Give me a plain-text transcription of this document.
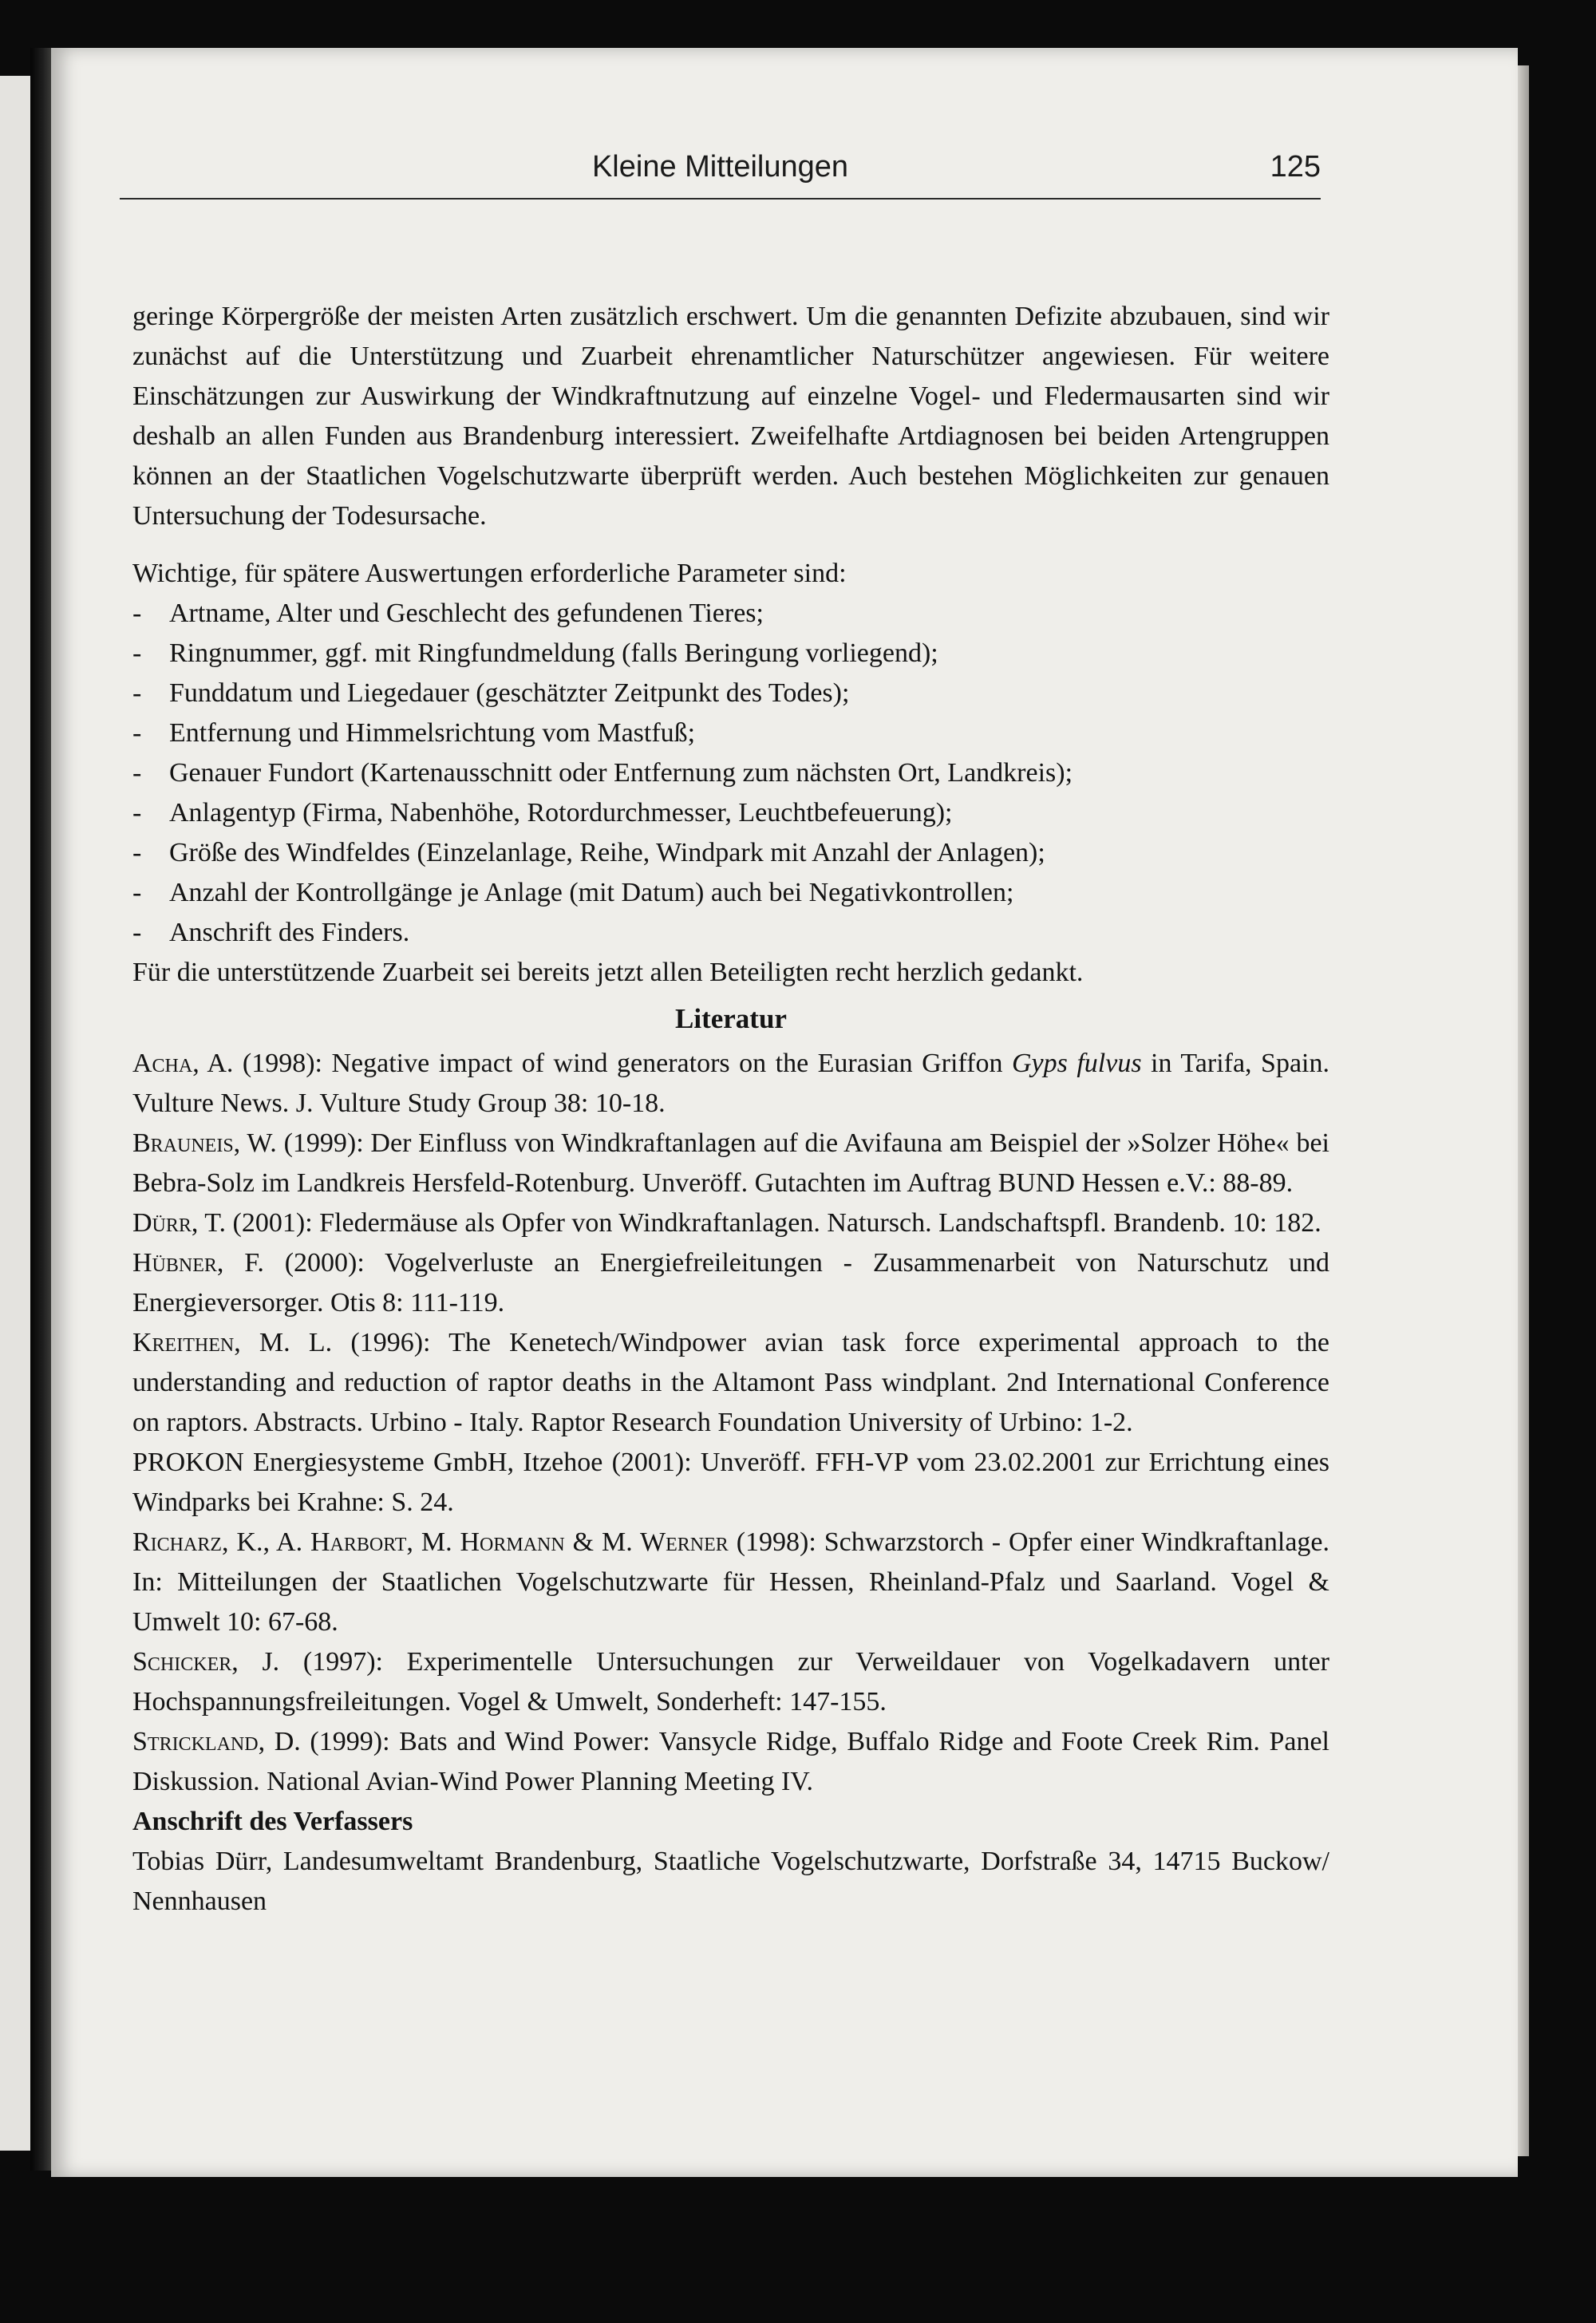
Kleine Mitteilungen	125

geringe Körpergröße der meisten Arten zusätzlich erschwert. Um die genannten Defizite abzubauen, sind wir zunächst auf die Unterstützung und Zuarbeit ehrenamtlicher Naturschützer angewiesen. Für weitere Einschätzungen zur Auswirkung der Windkraftnutzung auf einzelne Vogel- und Fledermausarten sind wir deshalb an allen Funden aus Brandenburg interessiert. Zweifelhafte Artdiagnosen bei beiden Artengruppen können an der Staatlichen Vogelschutzwarte überprüft werden. Auch bestehen Möglichkeiten zur genauen Untersuchung der Todesursache.

Wichtige, für spätere Auswertungen erforderliche Parameter sind:

- Artname, Alter und Geschlecht des gefundenen Tieres;
- Ringnummer, ggf. mit Ringfundmeldung (falls Beringung vorliegend);
- Funddatum und Liegedauer (geschätzter Zeitpunkt des Todes);
- Entfernung und Himmelsrichtung vom Mastfuß;
- Genauer Fundort (Kartenausschnitt oder Entfernung zum nächsten Ort, Landkreis);
- Anlagentyp (Firma, Nabenhöhe, Rotordurchmesser, Leuchtbefeuerung);
- Größe des Windfeldes (Einzelanlage, Reihe, Windpark mit Anzahl der Anlagen);
- Anzahl der Kontrollgänge je Anlage (mit Datum) auch bei Negativkontrollen;
- Anschrift des Finders.

Für die unterstützende Zuarbeit sei bereits jetzt allen Beteiligten recht herzlich gedankt.

Literatur

Acha, A. (1998): Negative impact of wind generators on the Eurasian Griffon Gyps fulvus in Tarifa, Spain. Vulture News. J. Vulture Study Group 38: 10-18.

Brauneis, W. (1999): Der Einfluss von Windkraftanlagen auf die Avifauna am Beispiel der »Solzer Höhe« bei Bebra-Solz im Landkreis Hersfeld-Rotenburg. Unveröff. Gutachten im Auftrag BUND Hessen e.V.: 88-89.

Dürr, T. (2001): Fledermäuse als Opfer von Windkraftanlagen. Natursch. Landschaftspfl. Brandenb. 10: 182.

Hübner, F. (2000): Vogelverluste an Energiefreileitungen - Zusammenarbeit von Naturschutz und Energieversorger. Otis 8: 111-119.

Kreithen, M. L. (1996): The Kenetech/Windpower avian task force experimental approach to the understanding and reduction of raptor deaths in the Altamont Pass windplant. 2nd International Conference on raptors. Abstracts. Urbino - Italy. Raptor Research Foundation University of Urbino: 1-2.

PROKON Energiesysteme GmbH, Itzehoe (2001): Unveröff. FFH-VP vom 23.02.2001 zur Errichtung eines Windparks bei Krahne: S. 24.

Richarz, K., A. Harbort, M. Hormann & M. Werner (1998): Schwarzstorch - Opfer einer Windkraftanlage. In: Mitteilungen der Staatlichen Vogelschutzwarte für Hessen, Rheinland-Pfalz und Saarland. Vogel & Umwelt 10: 67-68.

Schicker, J. (1997): Experimentelle Untersuchungen zur Verweildauer von Vogelkadavern unter Hochspannungsfreileitungen. Vogel & Umwelt, Sonderheft: 147-155.

Strickland, D. (1999): Bats and Wind Power: Vansycle Ridge, Buffalo Ridge and Foote Creek Rim. Panel Diskussion. National Avian-Wind Power Planning Meeting IV.

Anschrift des Verfassers

Tobias Dürr, Landesumweltamt Brandenburg, Staatliche Vogelschutzwarte, Dorfstraße 34, 14715 Buckow/ Nennhausen
